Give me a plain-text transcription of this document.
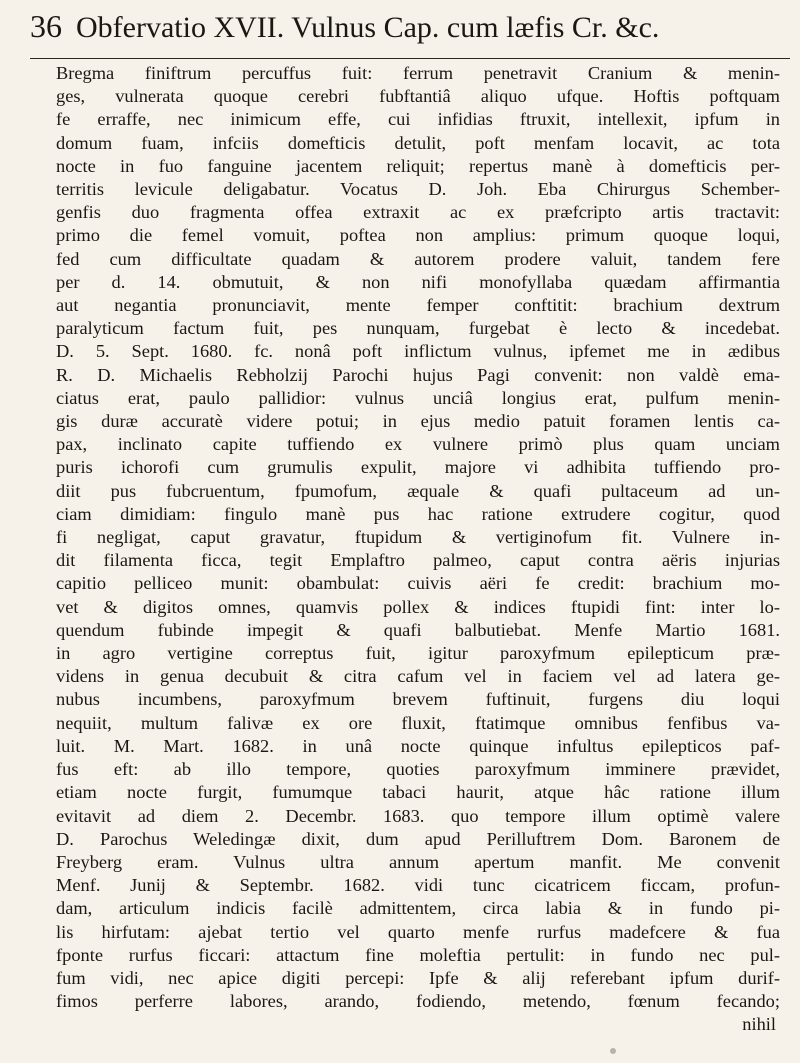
36 Obfervatio XVII. Vulnus Cap. cum læfis Cr. &c.
Bregma finiftrum percuffus fuit: ferrum penetravit Cranium & menin-
ges, vulnerata quoque cerebri fubftantiâ aliquo ufque. Hoftis poftquam
fe erraffe, nec inimicum effe, cui infidias ftruxit, intellexit, ipfum in
domum fuam, infciis domefticis detulit, poft menfam locavit, ac tota
nocte in fuo fanguine jacentem reliquit; repertus manè à domefticis per-
territis levicule deligabatur. Vocatus D. Joh. Eba Chirurgus Schember-
genfis duo fragmenta offea extraxit ac ex præfcripto artis tractavit:
primo die femel vomuit, poftea non amplius: primum quoque loqui,
fed cum difficultate quadam & autorem prodere valuit, tandem fere
per d. 14. obmutuit, & non nifi monofyllaba quædam affirmantia
aut negantia pronunciavit, mente femper conftitit: brachium dextrum
paralyticum factum fuit, pes nunquam, furgebat è lecto & incedebat.
D. 5. Sept. 1680. fc. nonâ poft inflictum vulnus, ipfemet me in ædibus
R. D. Michaelis Rebholzij Parochi hujus Pagi convenit: non valdè ema-
ciatus erat, paulo pallidior: vulnus unciâ longius erat, pulfum menin-
gis duræ accuratè videre potui; in ejus medio patuit foramen lentis ca-
pax, inclinato capite tuffiendo ex vulnere primò plus quam unciam
puris ichorofi cum grumulis expulit, majore vi adhibita tuffiendo pro-
diit pus fubcruentum, fpumofum, æquale & quafi pultaceum ad un-
ciam dimidiam: fingulo manè pus hac ratione extrudere cogitur, quod
fi negligat, caput gravatur, ftupidum & vertiginofum fit. Vulnere in-
dit filamenta ficca, tegit Emplaftro palmeo, caput contra aëris injurias
capitio pelliceo munit: obambulat: cuivis aëri fe credit: brachium mo-
vet & digitos omnes, quamvis pollex & indices ftupidi fint: inter lo-
quendum fubinde impegit & quafi balbutiebat. Menfe Martio 1681.
in agro vertigine correptus fuit, igitur paroxyfmum epilepticum præ-
videns in genua decubuit & citra cafum vel in faciem vel ad latera ge-
nubus incumbens, paroxyfmum brevem fuftinuit, furgens diu loqui
nequiit, multum falivæ ex ore fluxit, ftatimque omnibus fenfibus va-
luit. M. Mart. 1682. in unâ nocte quinque infultus epilepticos paf-
fus eft: ab illo tempore, quoties paroxyfmum imminere prævidet,
etiam nocte furgit, fumumque tabaci haurit, atque hâc ratione illum
evitavit ad diem 2. Decembr. 1683. quo tempore illum optimè valere
D. Parochus Weledingæ dixit, dum apud Perilluftrem Dom. Baronem de
Freyberg eram. Vulnus ultra annum apertum manfit. Me convenit
Menf. Junij & Septembr. 1682. vidi tunc cicatricem ficcam, profun-
dam, articulum indicis facilè admittentem, circa labia & in fundo pi-
lis hirfutam: ajebat tertio vel quarto menfe rurfus madefcere & fua
fponte rurfus ficcari: attactum fine moleftia pertulit: in fundo nec pul-
fum vidi, nec apice digiti percepi: Ipfe & alij referebant ipfum durif-
fimos perferre labores, arando, fodiendo, metendo, fœnum fecando;
nihil
